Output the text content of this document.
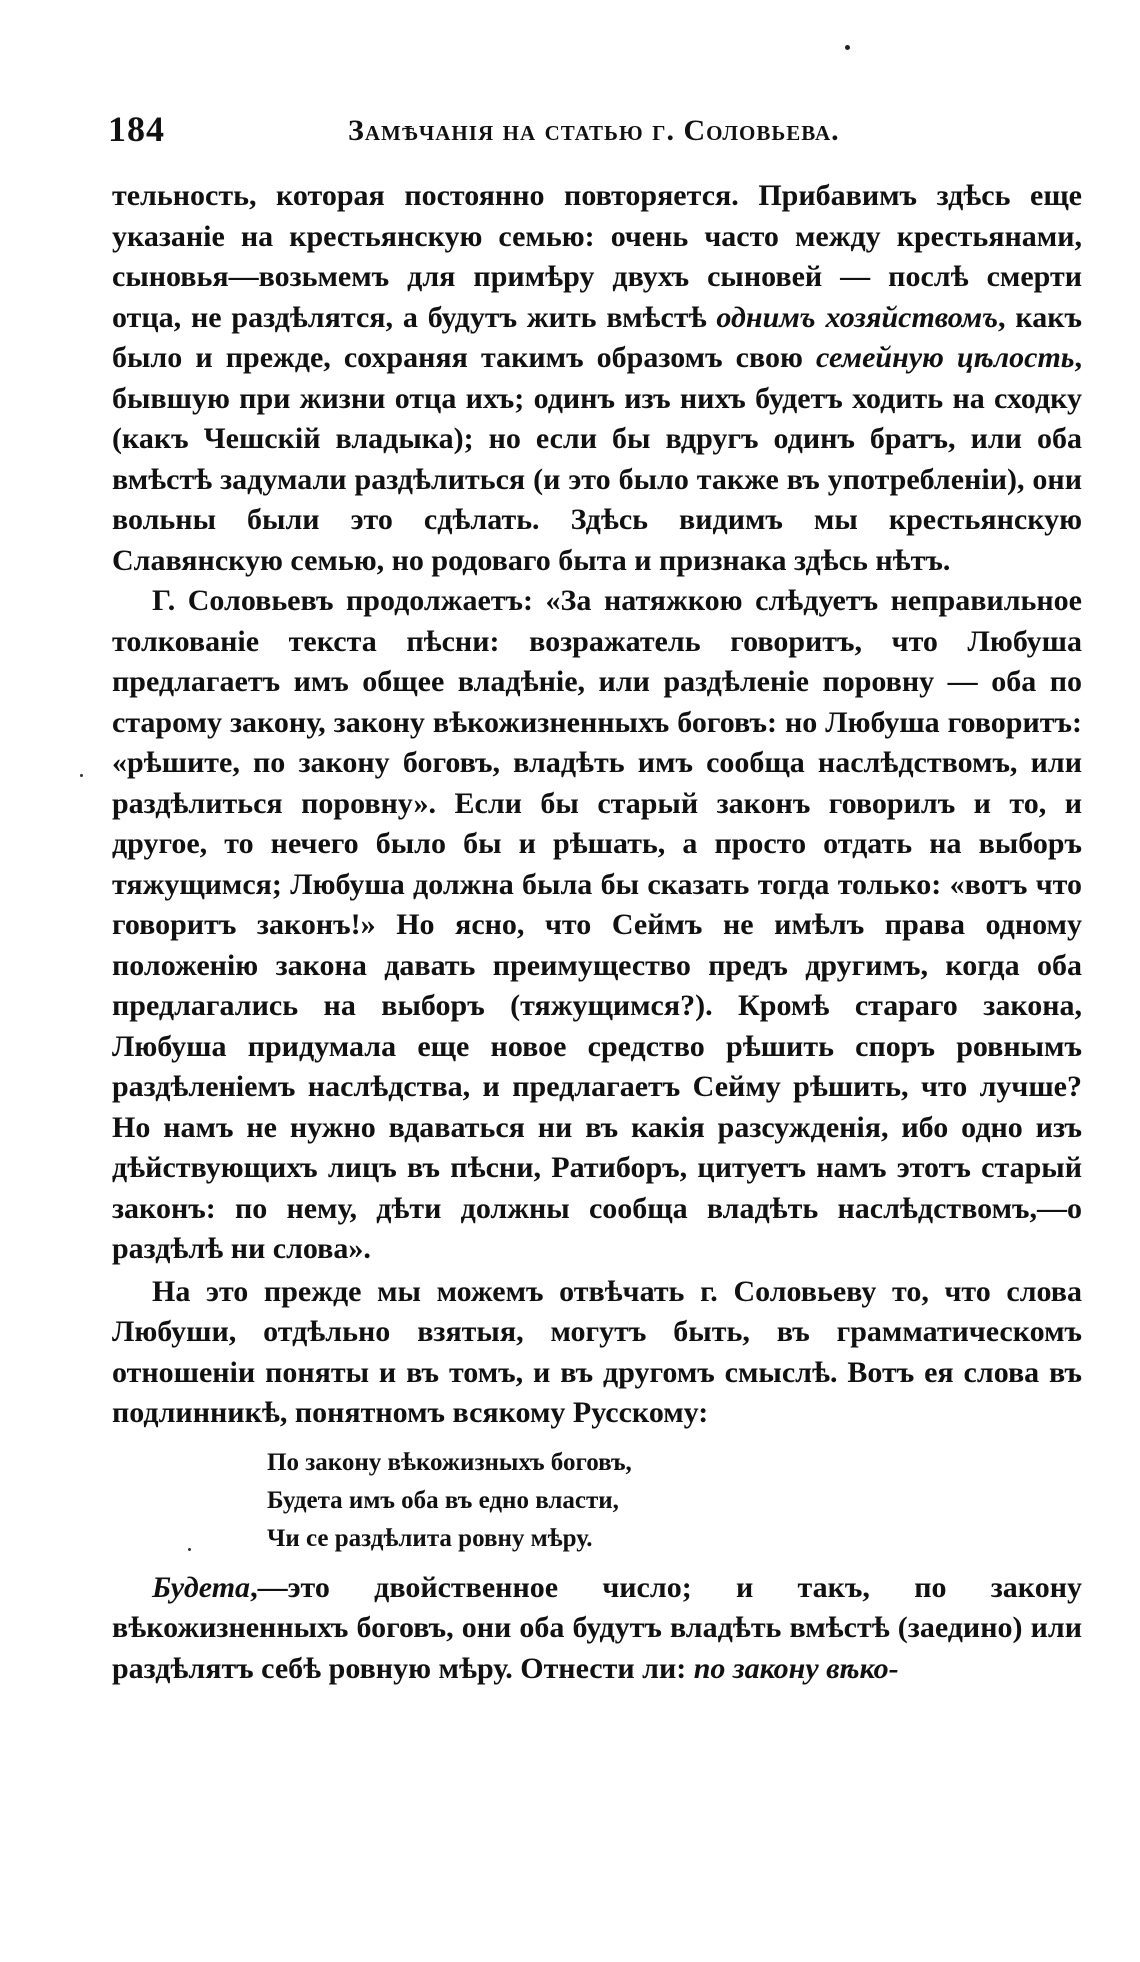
184	Замѣчанія на статью г. Соловьева.

тельность, которая постоянно повторяется. Прибавимъ здѣсь еще указаніе на крестьянскую семью: очень часто между крестьянами, сыновья—возьмемъ для примѣру двухъ сыновей — послѣ смерти отца, не раздѣлятся, а будутъ жить вмѣстѣ однимъ хозяйствомъ, какъ было и прежде, сохраняя такимъ образомъ свою семейную цѣлость, бывшую при жизни отца ихъ; одинъ изъ нихъ будетъ ходить на сходку (какъ Чешскій владыка); но если бы вдругъ одинъ братъ, или оба вмѣстѣ задумали раздѣлиться (и это было также въ употребленіи), они вольны были это сдѣлать. Здѣсь видимъ мы крестьянскую Славянскую семью, но родоваго быта и признака здѣсь нѣтъ.

Г. Соловьевъ продолжаетъ: «За натяжкою слѣдуетъ неправильное толкованіе текста пѣсни: возражатель говоритъ, что Любуша предлагаетъ имъ общее владѣніе, или раздѣленіе поровну — оба по старому закону, закону вѣкожизненныхъ боговъ: но Любуша говоритъ: «рѣшите, по закону боговъ, владѣть имъ сообща наслѣдствомъ, или раздѣлиться поровну». Если бы старый законъ говорилъ и то, и другое, то нечего было бы и рѣшать, а просто отдать на выборъ тяжущимся; Любуша должна была бы сказать тогда только: «вотъ что говоритъ законъ!» Но ясно, что Сеймъ не имѣлъ права одному положенію закона давать преимущество предъ другимъ, когда оба предлагались на выборъ (тяжущимся?). Кромѣ стараго закона, Любуша придумала еще новое средство рѣшить споръ ровнымъ раздѣленіемъ наслѣдства, и предлагаетъ Сейму рѣшить, что лучше? Но намъ не нужно вдаваться ни въ какія разсужденія, ибо одно изъ дѣйствующихъ лицъ въ пѣсни, Ратиборъ, цитуетъ намъ этотъ старый законъ: по нему, дѣти должны сообща владѣть наслѣдствомъ,—о раздѣлѣ ни слова».

На это прежде мы можемъ отвѣчать г. Соловьеву то, что слова Любуши, отдѣльно взятыя, могутъ быть, въ грамматическомъ отношеніи поняты и въ томъ, и въ другомъ смыслѣ. Вотъ ея слова въ подлинникѣ, понятномъ всякому Русскому:

По закону вѣкожизныхъ боговъ,
Будета имъ оба въ едно власти,
Чи се раздѣлита ровну мѣру.

Будета,—это двойственное число; и такъ, по закону вѣкожизненныхъ боговъ, они оба будутъ владѣть вмѣстѣ (заедино) или раздѣлятъ себѣ ровную мѣру. Отнести ли: по закону вѣко-
